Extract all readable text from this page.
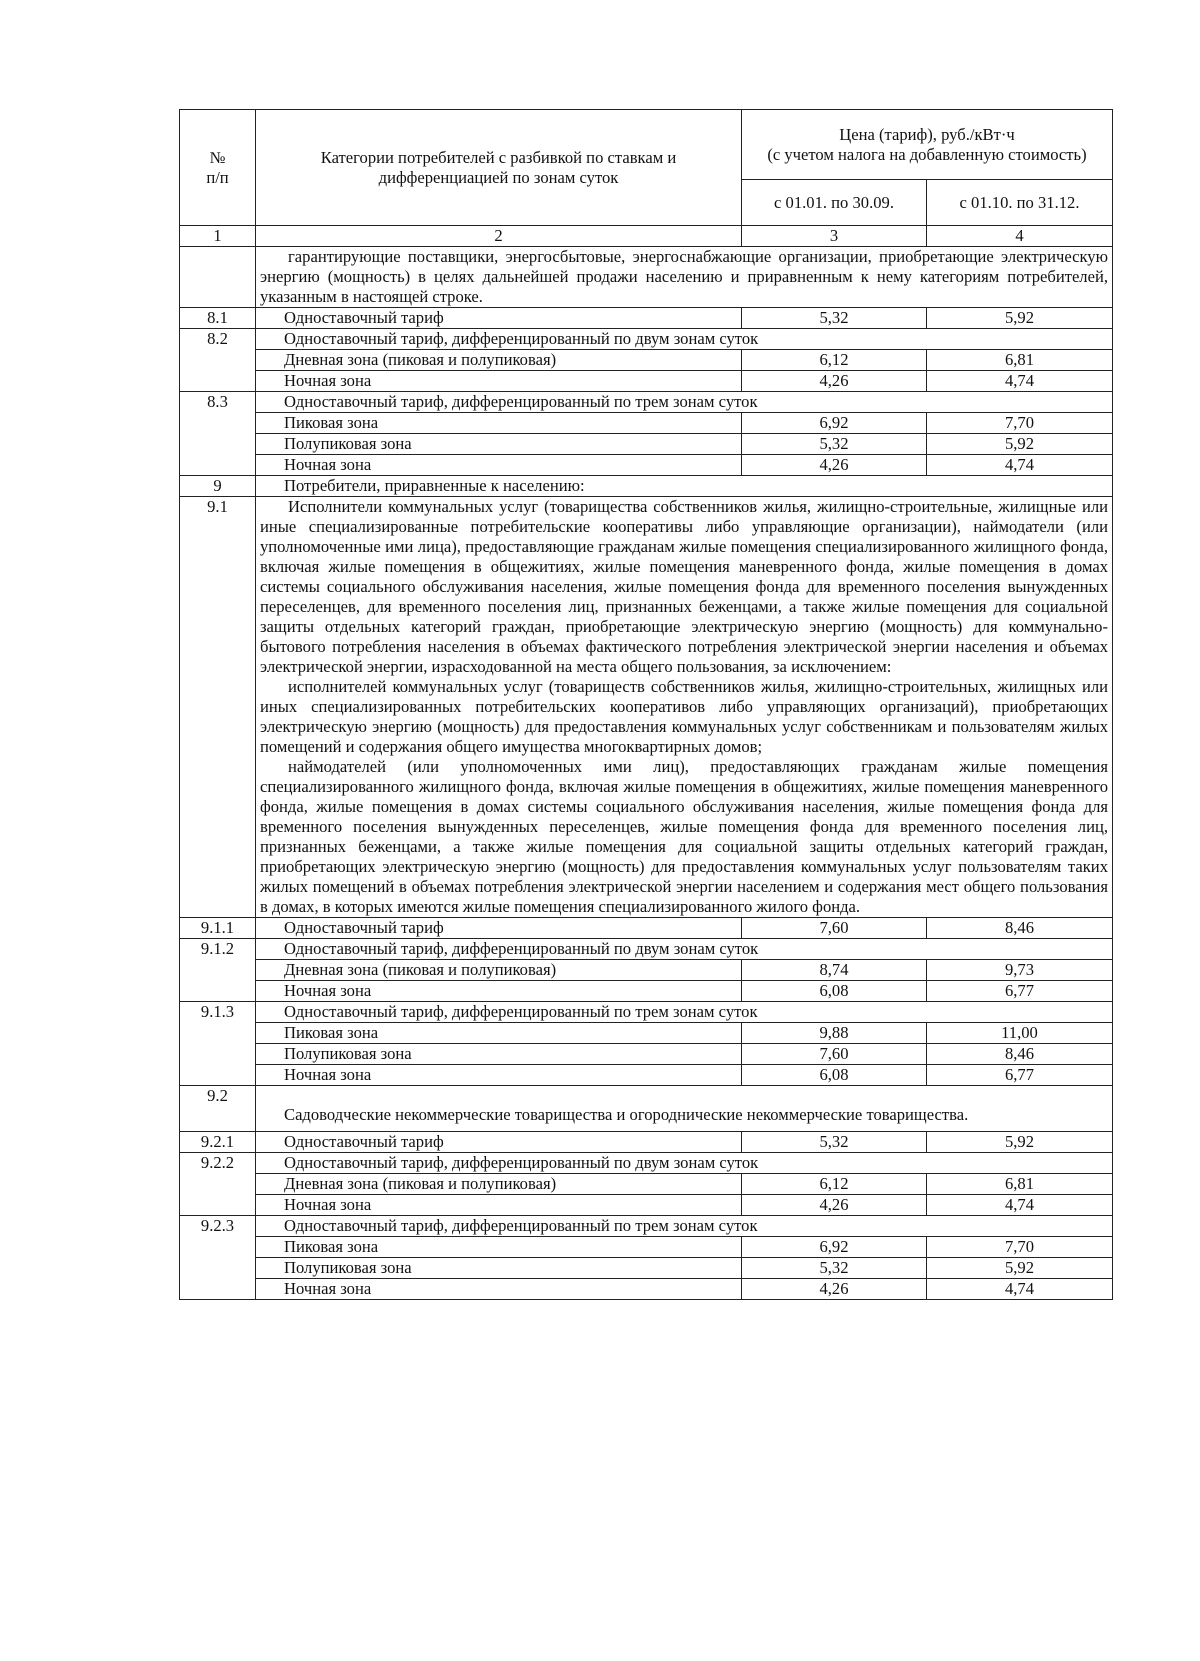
№
п/п	Категории потребителей с разбивкой по ставкам и дифференциацией по зонам суток	Цена (тариф), руб./кВт·ч
(с учетом налога на добавленную стоимость)	
		с 01.01. по 30.09.	с 01.10. по 31.12.
1	2	3	4

	гарантирующие поставщики, энергосбытовые, энергоснабжающие организации, приобретающие электрическую энергию (мощность) в целях дальнейшей продажи населению и приравненным к нему категориям потребителей, указанным в настоящей строке.		

8.1	Одноставочный тариф	5,32	5,92
8.2	Одноставочный тариф, дифференцированный по двум зонам суток		
	Дневная зона (пиковая и полупиковая)	6,12	6,81
	Ночная зона	4,26	4,74
8.3	Одноставочный тариф, дифференцированный по трем зонам суток		
	Пиковая зона	6,92	7,70
	Полупиковая зона	5,32	5,92
	Ночная зона	4,26	4,74
9	Потребители, приравненные к населению:		
9.1	Исполнители коммунальных услуг (товарищества собственников жилья, жилищно-строительные, жилищные или иные специализированные потребительские кооперативы либо управляющие организации), наймодатели (или уполномоченные ими лица), предоставляющие гражданам жилые помещения специализированного жилищного фонда, включая жилые помещения в общежитиях, жилые помещения маневренного фонда, жилые помещения в домах системы социального обслуживания населения, жилые помещения фонда для временного поселения вынужденных переселенцев, для временного поселения лиц, признанных беженцами, а также жилые помещения для социальной защиты отдельных категорий граждан, приобретающие электрическую энергию (мощность) для коммунально-бытового потребления населения в объемах фактического потребления электрической энергии населения и объемах электрической энергии, израсходованной на места общего пользования, за исключением:

исполнителей коммунальных услуг (товариществ собственников жилья, жилищно-строительных, жилищных или иных специализированных потребительских кооперативов либо управляющих организаций), приобретающих электрическую энергию (мощность) для предоставления коммунальных услуг собственникам и пользователям жилых помещений и содержания общего имущества многоквартирных домов;

наймодателей (или уполномоченных ими лиц), предоставляющих гражданам жилые помещения специализированного жилищного фонда, включая жилые помещения в общежитиях, жилые помещения маневренного фонда, жилые помещения в домах системы социального обслуживания населения, жилые помещения фонда для временного поселения вынужденных переселенцев, жилые помещения фонда для временного поселения лиц, признанных беженцами, а также жилые помещения для социальной защиты отдельных категорий граждан, приобретающих электрическую энергию (мощность) для предоставления коммунальных услуг пользователям таких жилых помещений в объемах потребления электрической энергии населением и содержания мест общего пользования в домах, в которых имеются жилые помещения специализированного жилого фонда.		

9.1.1	Одноставочный тариф	7,60	8,46
9.1.2	Одноставочный тариф, дифференцированный по двум зонам суток		
	Дневная зона (пиковая и полупиковая)	8,74	9,73
	Ночная зона	6,08	6,77
9.1.3	Одноставочный тариф, дифференцированный по трем зонам суток		
	Пиковая зона	9,88	11,00
	Полупиковая зона	7,60	8,46
	Ночная зона	6,08	6,77
9.2	Садоводческие некоммерческие товарищества и огороднические некоммерческие товарищества.		
9.2.1	Одноставочный тариф	5,32	5,92
9.2.2	Одноставочный тариф, дифференцированный по двум зонам суток		
	Дневная зона (пиковая и полупиковая)	6,12	6,81
	Ночная зона	4,26	4,74
9.2.3	Одноставочный тариф, дифференцированный по трем зонам суток		
	Пиковая зона	6,92	7,70
	Полупиковая зона	5,32	5,92
	Ночная зона	4,26	4,74
